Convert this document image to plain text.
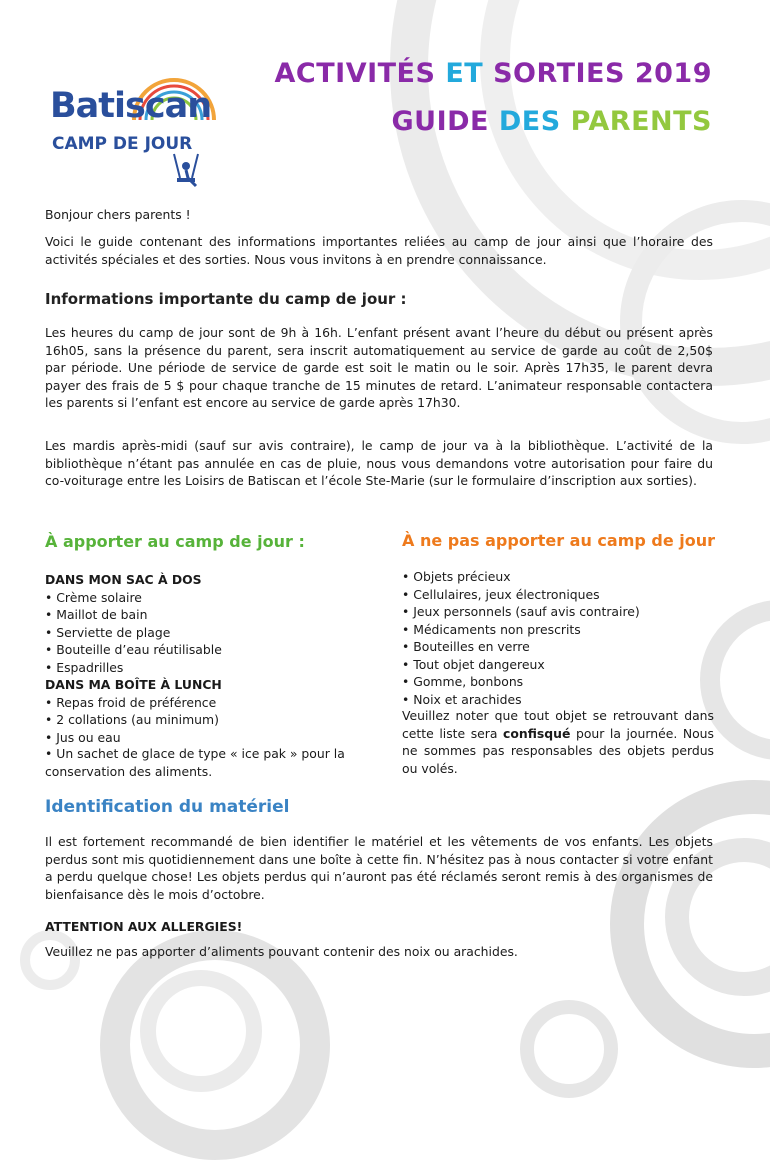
Batiscan
CAMP DE JOUR
ACTIVITÉS ET SORTIES 2019
GUIDE DES PARENTS

Bonjour chers parents !

Voici le guide contenant des informations importantes reliées au camp de jour ainsi que l’horaire des activités spéciales et des sorties. Nous vous invitons à en prendre connaissance.

Informations importante du camp de jour :

Les heures du camp de jour sont de 9h à 16h. L’enfant présent avant l’heure du début ou présent après 16h05, sans la présence du parent, sera inscrit automatiquement au service de garde au coût de 2,50$ par période. Une période de service de garde est soit le matin ou le soir. Après 17h35, le parent devra payer des frais de 5 $ pour chaque tranche de 15 minutes de retard. L’animateur responsable contactera les parents si l’enfant est encore au service de garde après 17h30.

Les mardis après-midi (sauf sur avis contraire), le camp de jour va à la bibliothèque. L’activité de la bibliothèque n’étant pas annulée en cas de pluie, nous vous demandons votre autorisation pour faire du co-voiturage entre les Loisirs de Batiscan et l’école Ste-Marie (sur le formulaire d’inscription aux sorties).

À apporter au camp de jour :
DANS MON SAC À DOS
• Crème solaire
• Maillot de bain
• Serviette de plage
• Bouteille d’eau réutilisable
• Espadrilles
DANS MA BOÎTE À LUNCH
• Repas froid de préférence
• 2 collations (au minimum)
• Jus ou eau

• Un sachet de glace de type « ice pak » pour la conservation des aliments.

À ne pas apporter au camp de jour
• Objets précieux
• Cellulaires, jeux électroniques
• Jeux personnels (sauf avis contraire)
• Médicaments non prescrits
• Bouteilles en verre
• Tout objet dangereux
• Gomme, bonbons
• Noix et arachides

Veuillez noter que tout objet se retrouvant dans cette liste sera confisqué pour la journée. Nous ne sommes pas responsables des objets perdus ou volés.

Identification du matériel

Il est fortement recommandé de bien identifier le matériel et les vêtements de vos enfants. Les objets perdus sont mis quotidiennement dans une boîte à cette fin. N’hésitez pas à nous contacter si votre enfant a perdu quelque chose! Les objets perdus qui n’auront pas été réclamés seront remis à des organismes de bienfaisance dès le mois d’octobre.

ATTENTION AUX ALLERGIES!

Veuillez ne pas apporter d’aliments pouvant contenir des noix ou arachides.
